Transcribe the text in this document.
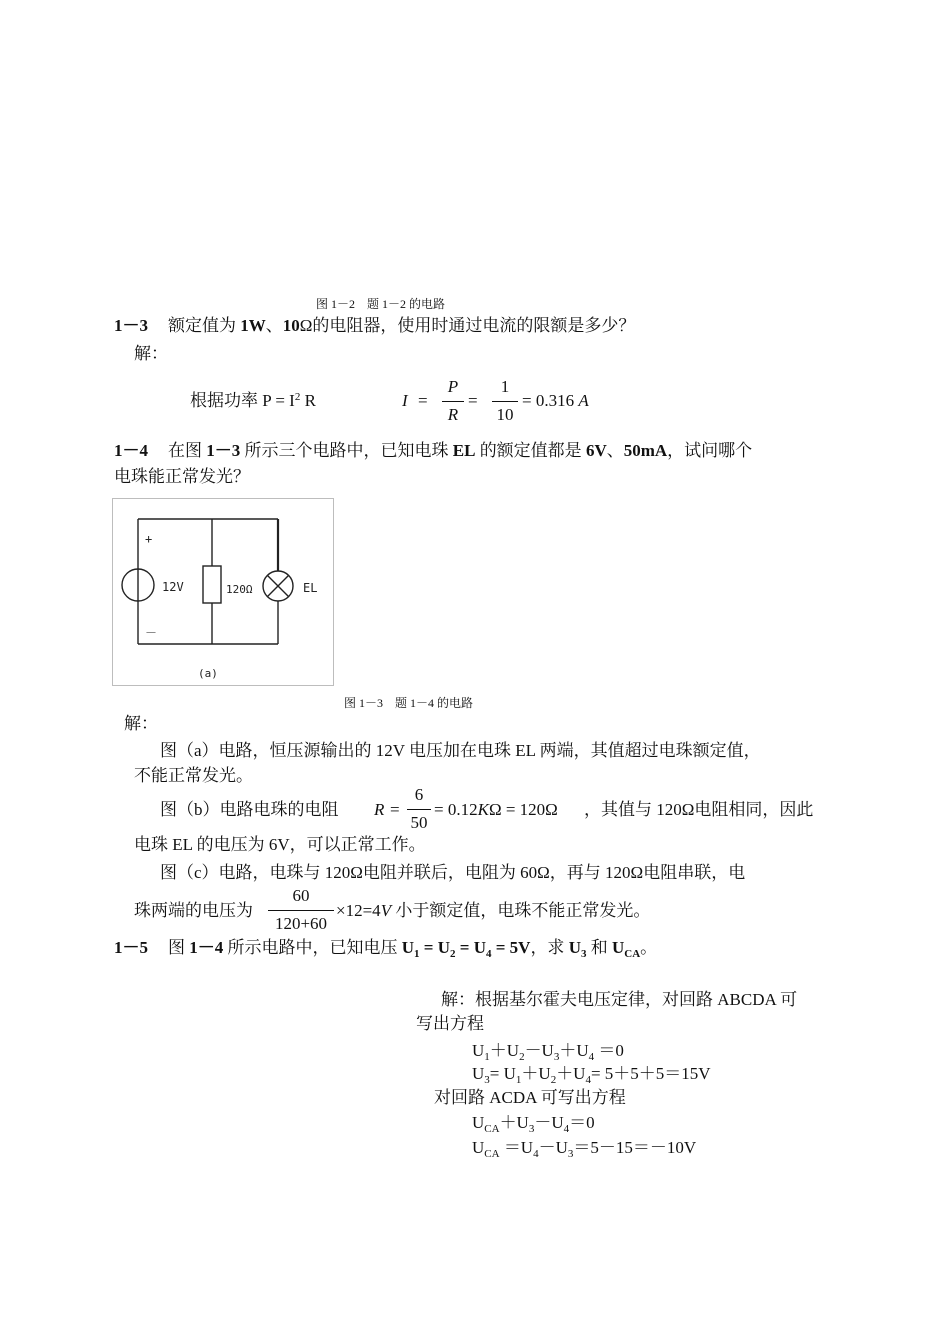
图 1－2　题 1－2 的电路
1－3 额定值为 1W、10Ω的电阻器，使用时通过电流的限额是多少？
解：
根据功率 $P = I^2$ R	I =
P
R
=
1
10
= 0.316 A
1－4 在图 1－3 所示三个电路中，已知电珠 EL 的额定值都是 6V、50mA，试问哪个
电珠能正常发光？
+
－
12V	120Ω	EL
(a)
图 1－3　题 1－4 的电路
解：
图（a）电路，恒压源输出的 12V 电压加在电珠 EL 两端，其值超过电珠额定值，
不能正常发光。
图（b）电路电珠的电阻 R =
6
50
= 0.12KΩ = 120Ω ，其值与 120Ω电阻相同，因此
电珠 EL 的电压为 6V，可以正常工作。
图（c）电路，电珠与 120Ω电阻并联后，电阻为 60Ω，再与 120Ω电阻串联，电
珠两端的电压为
60
120+60
×12=4V 小于额定值，电珠不能正常发光。
1－5 图 1－4 所示电路中，已知电压 $U_1 = U_2 = U_4 = 5V$，求 $U_3$ 和 $U_{CA}$。
解：根据基尔霍夫电压定律，对回路 ABCDA 可
写出方程
$U_1+U_2-U_3+U_4 =0$
$U_3= U_1+U_2+U_4= 5+5+5=15V$
对回路 ACDA 可写出方程
$U_{CA}+U_3-U_4=0$
$U_{CA} =U_4-U_3=5-15=-10V$
